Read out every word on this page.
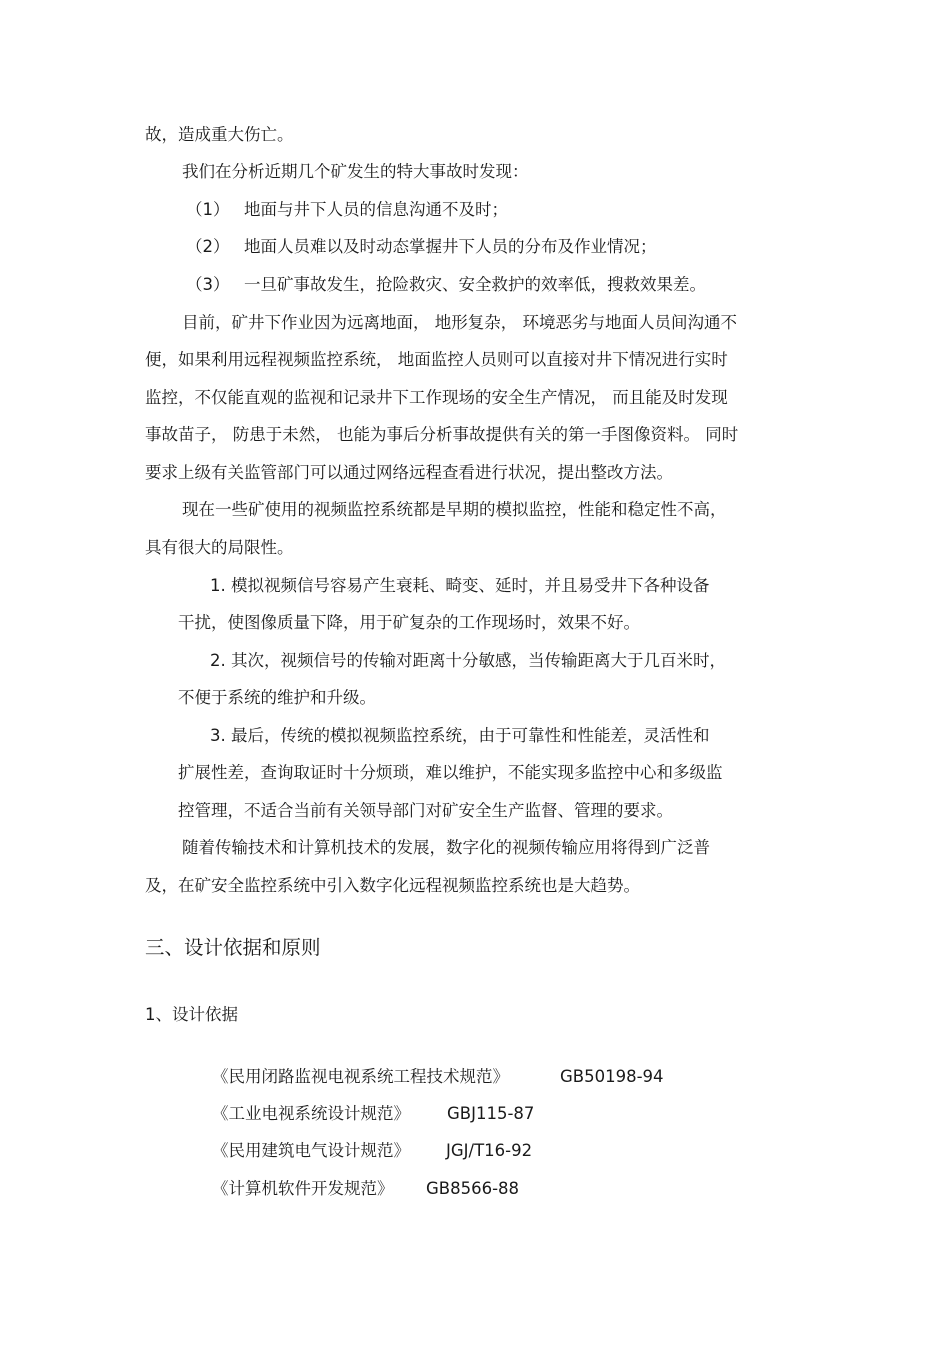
故，造成重大伤亡。
我们在分析近期几个矿发生的特大事故时发现：
（1） 地面与井下人员的信息沟通不及时；
（2） 地面人员难以及时动态掌握井下人员的分布及作业情况；
（3） 一旦矿事故发生，抢险救灾、安全救护的效率低，搜救效果差。
目前，矿井下作业因为远离地面， 地形复杂， 环境恶劣与地面人员间沟通不
便，如果利用远程视频监控系统， 地面监控人员则可以直接对井下情况进行实时
监控，不仅能直观的监视和记录井下工作现场的安全生产情况， 而且能及时发现
事故苗子， 防患于未然， 也能为事后分析事故提供有关的第一手图像资料。 同时
要求上级有关监管部门可以通过网络远程查看进行状况，提出整改方法。
现在一些矿使用的视频监控系统都是早期的模拟监控，性能和稳定性不高，
具有很大的局限性。
1. 模拟视频信号容易产生衰耗、畸变、延时，并且易受井下各种设备
干扰，使图像质量下降，用于矿复杂的工作现场时，效果不好。
2. 其次，视频信号的传输对距离十分敏感，当传输距离大于几百米时，
不便于系统的维护和升级。
3. 最后，传统的模拟视频监控系统，由于可靠性和性能差，灵活性和
扩展性差，查询取证时十分烦琐，难以维护，不能实现多监控中心和多级监
控管理，不适合当前有关领导部门对矿安全生产监督、管理的要求。
随着传输技术和计算机技术的发展，数字化的视频传输应用将得到广泛普
及，在矿安全监控系统中引入数字化远程视频监控系统也是大趋势。
三、设计依据和原则
1、设计依据
《民用闭路监视电视系统工程技术规范》	GB50198-94
《工业电视系统设计规范》 GBJ115-87
《民用建筑电气设计规范》 JGJ/T16-92
《计算机软件开发规范》 GB8566-88
